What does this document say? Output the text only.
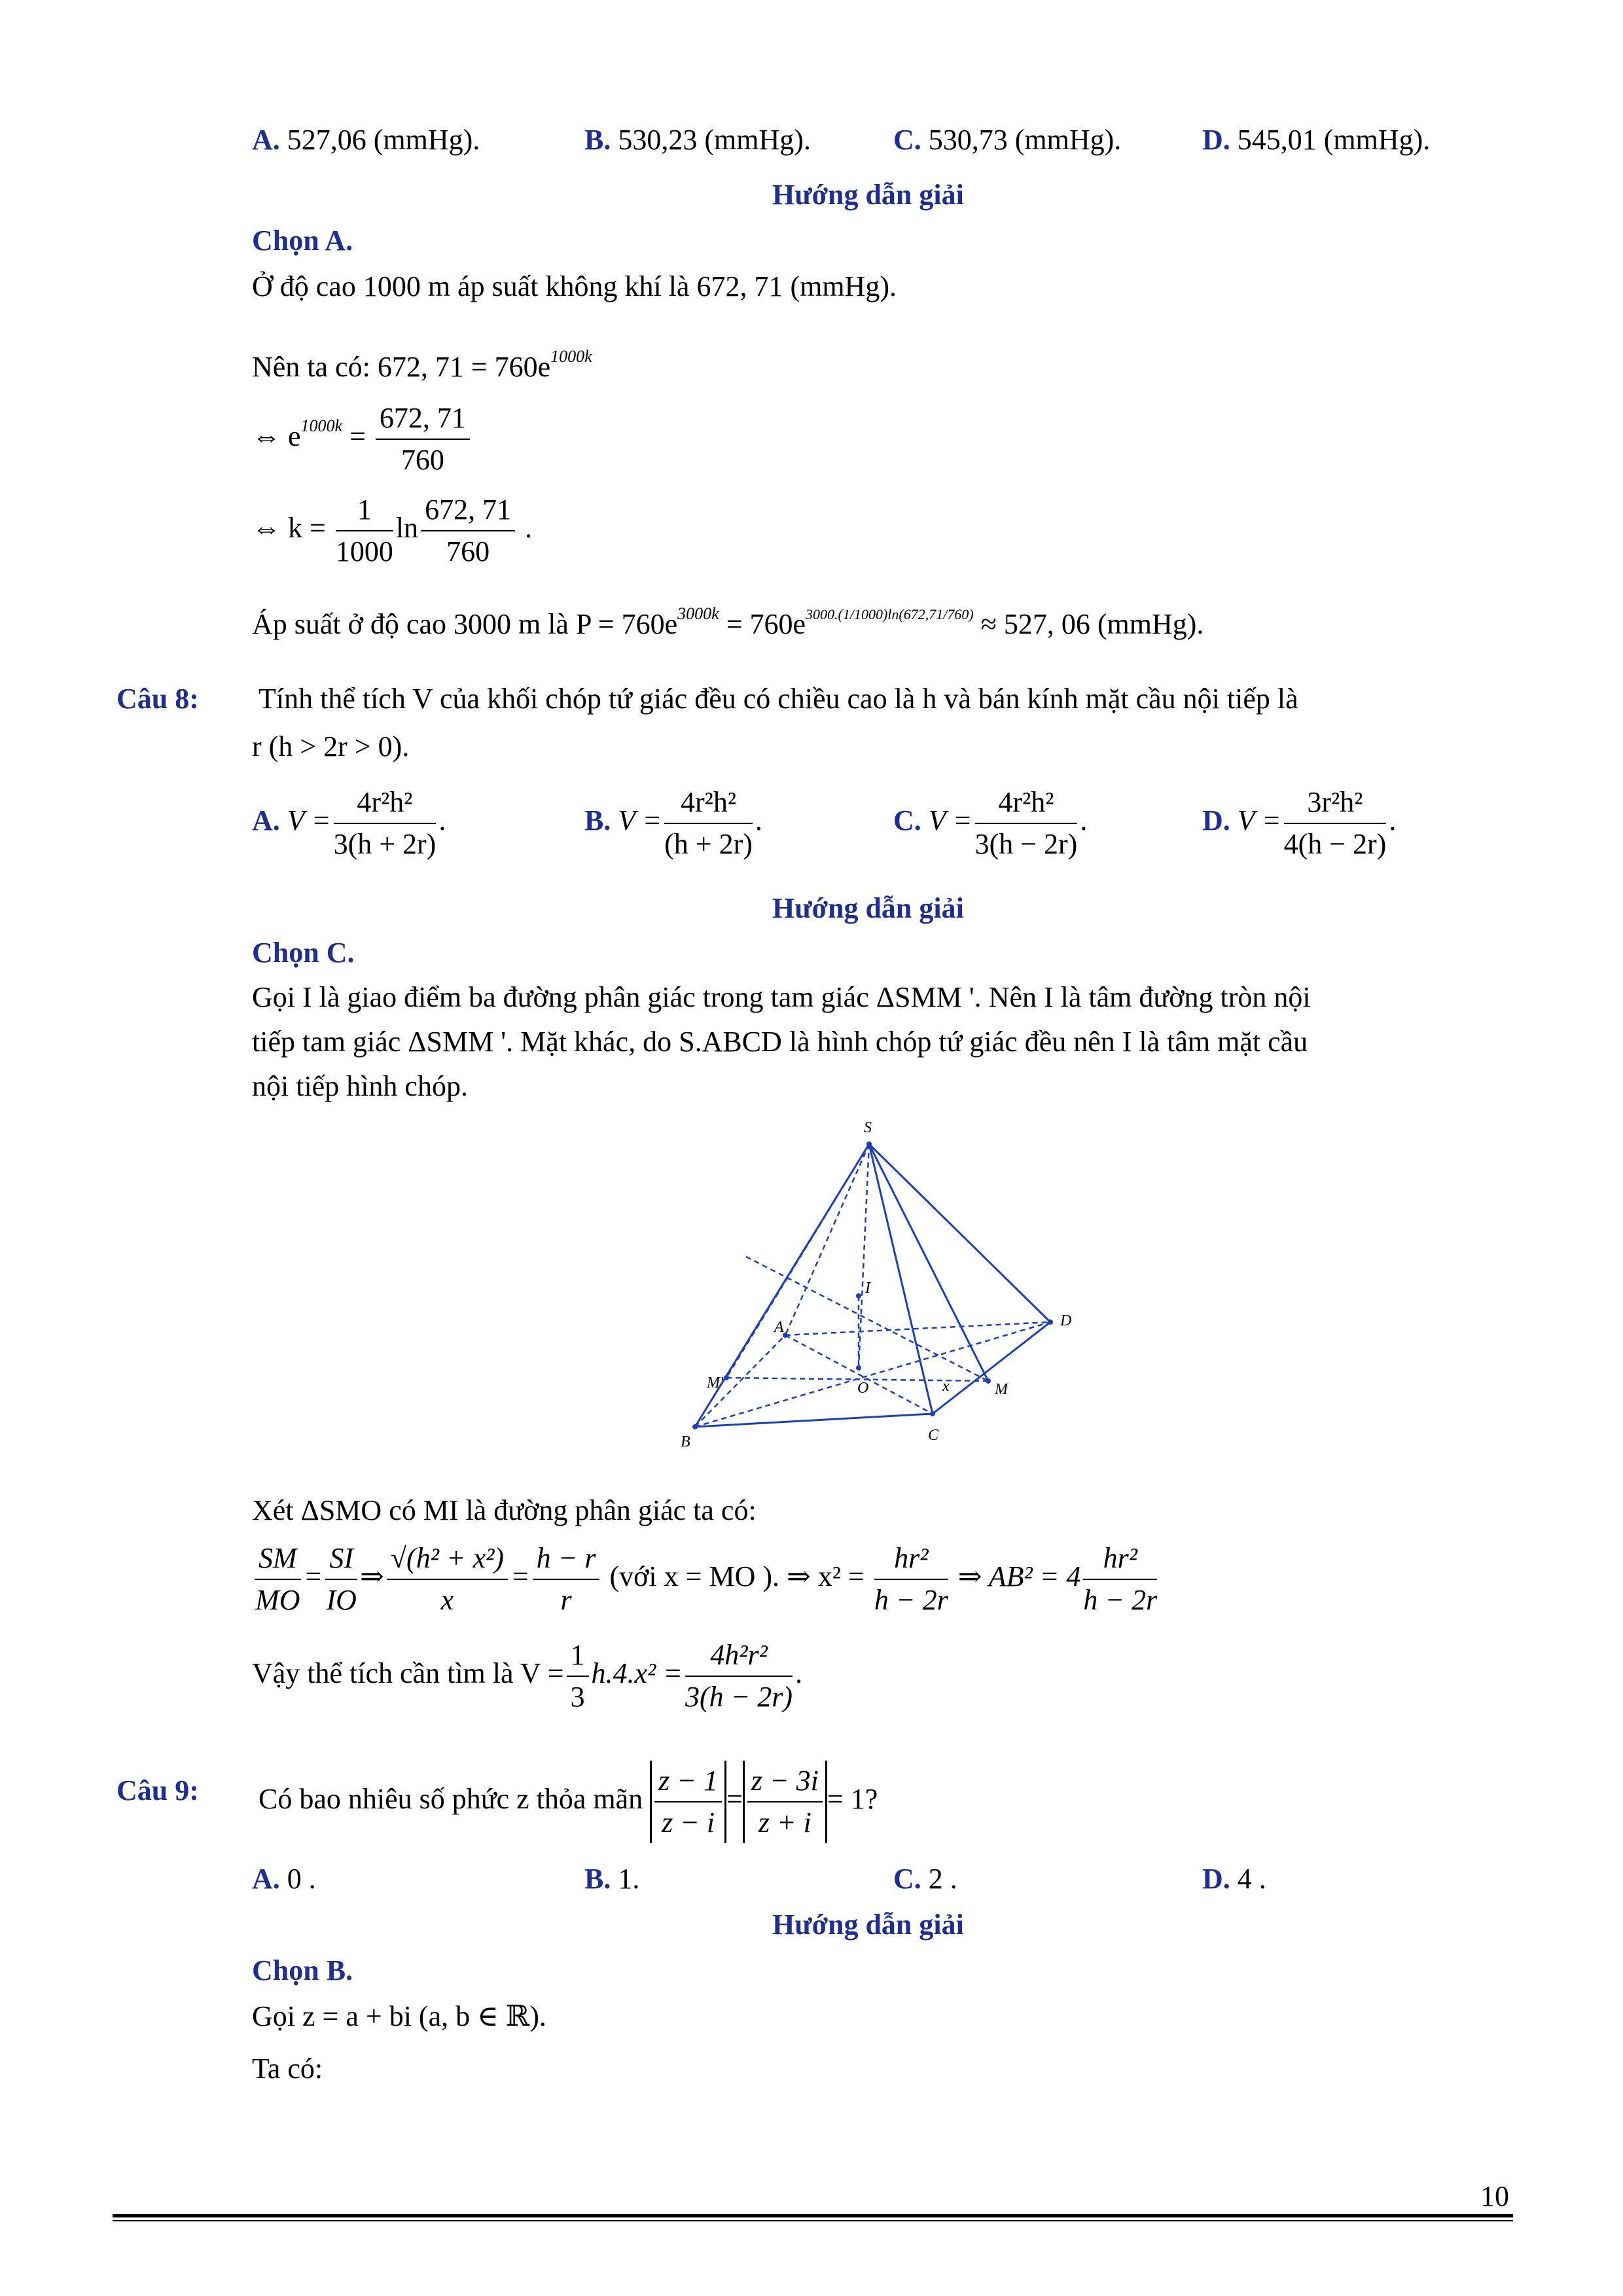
A. 527,06 (mmHg).	B. 530,23 (mmHg).	C. 530,73 (mmHg).	D. 545,01 (mmHg).
Hướng dẫn giải
Chọn A.
Ở độ cao 1000 m áp suất không khí là 672, 71 (mmHg).
Nên ta có: 672, $71 = 760e^{1000k}$
⇔ $e^{1000k} = \frac{672, 71}{760}$
⇔ $k = \frac{1}{1000}$ $\ln \frac{672, 71}{760}$ .
Áp suất ở độ cao 3000 m là $P = 760e^{3000k} = 760e^{3000.(1/1000)ln(672,71/760)} \approx 527$, 06 (mmHg).
Câu 8: Tính thể tích V của khối chóp tứ giác đều có chiều cao là h và bán kính mặt cầu nội tiếp là
r (h > 2r > 0).
A. $V = \frac{\text{4r²h²}}{3(h + 2r)}$ .	B. $V = \frac{\text{4r²h²}}{(h + 2r)}$ .	C. $V = \frac{\text{4r²h²}}{3(h - 2r)}$ .	D. $V = \frac{\text{3r²h²}}{4(h - 2r)}$ .
Hướng dẫn giải
Chọn C.
Gọi I là giao điểm ba đường phân giác trong tam giác ΔSMM '. Nên I là tâm đường tròn nội
tiếp tam giác ΔSMM '. Mặt khác, do S.ABCD là hình chóp tứ giác đều nên I là tâm mặt cầu
nội tiếp hình chóp.
S
A
B	C
D
O
I
M
M'	x
Xét ΔSMO có MI là đường phân giác ta có:
$\frac{SM}{MO} = \frac{SI}{IO}$ ⇒ $\frac{\text{√(h² + x²)}}{x} = \frac{h - r}{r}$ (với x = MO ). ⇒ $x^2 = \frac{\text{hr²}}{h - 2r}$ ⇒ $AB^2 = 4 \frac{\text{hr²}}{h - 2r}$
Vậy thể tích cần tìm là $V = \frac{1}{3} h.4.x^2 = \frac{\text{4h²r²}}{3(h - 2r)}$ .
Câu 9: Có bao nhiêu số phức z thỏa mãn $\frac{z - 1}{z - i} = \frac{z - 3i}{z + i} = 1$?
A. 0 .	B. 1.	C. 2 .	D. 4 .
Hướng dẫn giải
Chọn B.
Gọi z = a + bi (a, b ∈ ℝ).
Ta có:
10
